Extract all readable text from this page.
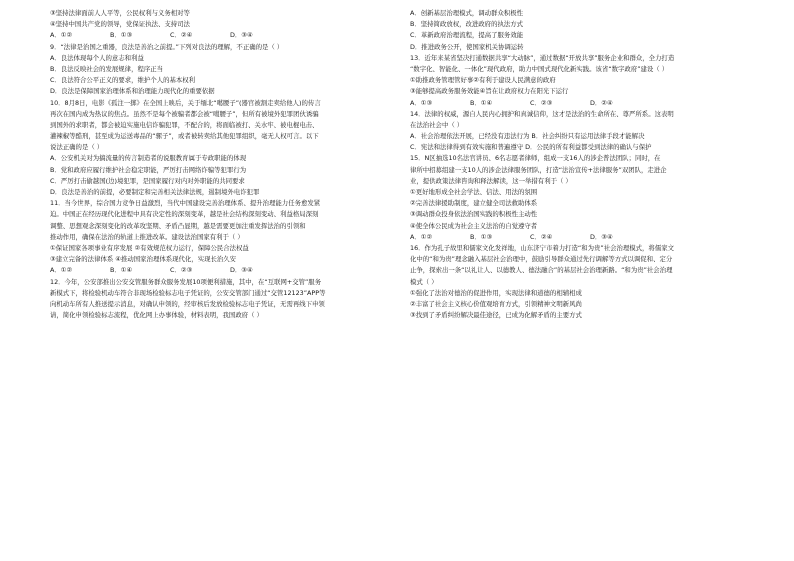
③坚持法律面前人人平等，公民权利与义务相对等
④坚持中国共产党的领导，党保证执法、支持司法
A．①②	B．①③	C．②④	D．③④
9．“法律是治国之重器，良法是善治之前提。”下列对良法的理解，不正确的是（ ）
A．良法体现每个人的意志和利益
B．良法反映社会的发展规律，程序正当
C．良法符合公平正义的要求，维护个人的基本权利
D．良法是保障国家治理体系和治理能力现代化的重要依据
10．8月8日，电影《孤注一掷》在全国上映后，关于缅北“噶腰子”(器官被割走卖给他人)的传言
再次在国内成为热议的焦点。虽然不是每个被骗者都会被“噶腰子”，但所有被境外犯罪团伙诱骗
到国外的求职者，都会被迫实施电信诈骗犯罪，不配合的，将面临被打、关水牢、被电棍电击、
灌辣椒等酷刑，甚至成为运送毒品的“骡子”，或者被转卖给其他犯罪组织，毫无人权可言。以下
说法正确的是（ ）
A．公安机关对为搞流量的传言制造者的说服教育属于专政职能的体现
B．党和政府应履行维护社会稳定职能，严厉打击网络诈骗等犯罪行为
C．严厉打击偷越国(边)境犯罪，是国家履行对内对外职能的共同要求
D．良法是善治的前提，必要制定和完善相关法律法规，遏制境外电诈犯罪
11．当今世界，综合国力竞争日益激烈，当代中国建设完善治理体系、提升治理能力任务愈发紧
迫。中国正在经历现代化进程中具有决定性的深刻变革，越是社会结构深刻变动、利益格局深刻
调整、思想观念深刻变化的改革攻坚期、矛盾凸显期，越是需要更加注重发挥法治的引领和
推动作用，确保在法治的轨道上推进改革。建设法治国家有利于（ ）
①保证国家各项事业有序发展 ②有效规范权力运行，保障公民合法权益
③建立完备的法律体系 ④推动国家治理体系现代化，实现长治久安
A．①②	B．①④	C．②③	D．③④
12．今年，公安部推出公安交管服务群众服务发展10项便利措施，其中，在“互联网+交管”服务
新模式下，将检验机动车符合非现场检验标志电子凭证的，公安交管部门通过“交管12123”APP等
向机动车所有人推送提示消息，对确认申领的，经审核后发放检验标志电子凭证，无需再线下申领
请，简化申领检验标志流程，优化网上办事体验，材料表明，我国政府（ ）
A．创新基层治理模式，调动群众积极性
B．坚持简政放权，改进政府的执法方式
C．革新政府治理流程，提高了服务效能
D．推进政务公开，使国家机关协调运转
13．近年来某省坚决打通数据共享“大动脉”，通过数据“开放共享”服务企业和群众，全力打造
“数字化、智能化、一体化”现代政府，助力中国式现代化新实践。该省“数字政府”建设（ ）
①助推政务管理管好事②有利于建设人民满意的政府
③能够提高政务服务效能④旨在让政府权力在阳光下运行
A．①③	B．①④	C．②③	D．②④
14．法律的权威，源自人民内心拥护和真诚信仰，这才是法治的生命所在、尊严所系。这表明
在法治社会中（ ）
A．社会治理依法开展，已经没有违法行为 B．社会纠纷只有运用法律手段才能解决
C．宪法和法律得到有效实施和普遍遵守 D．公民的所有利益都受到法律的确认与保护
15．N区抽选10名法官讲员、6名志愿者律师，组成一支16人的涉企普法团队；同时，在
律所中招募组建一支10人的涉企法律服务团队，打造“法治宣传+法律服务”双团队，走进企
业，提供政策法律咨询和释法解读，这一举措有利于（ ）
①更好地形成全社会学法、信法、用法的氛围
②完善法律援助制度，建立健全司法救助体系
③调动群众投身依法治国实践的积极性主动性
④使全体公民成为社会主义法治的自觉遵守者
A．①②	B．①③	C．②④	D．③④
16．作为孔子故里和儒家文化发祥地，山东济宁市着力打造“和为贵”社会治理模式，将儒家文
化中的“和为贵”理念融入基层社会治理中，鼓励引导群众通过先行调解等方式以调促和、定分
止争，探索出一条“以礼让人、以德教人、德法融合”的基层社会治理新路。“和为贵”社会治理
模式（ ）
①强化了法治对德治的促进作用，实现法律和道德的相辅相成
②丰富了社会主义核心价值观培育方式，引领精神文明新风尚
③找到了矛盾纠纷解决最佳途径，已成为化解矛盾的主要方式
